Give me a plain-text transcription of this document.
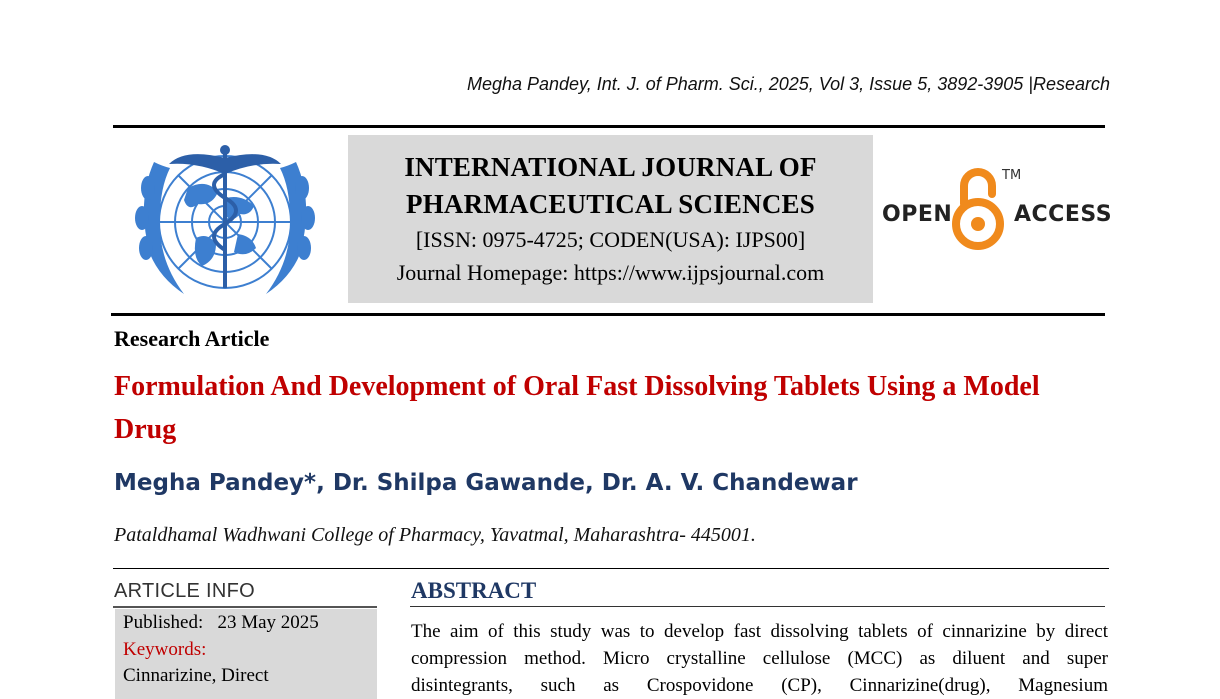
Megha Pandey, Int. J. of Pharm. Sci., 2025, Vol 3, Issue 5, 3892-3905 |Research
INTERNATIONAL JOURNAL OF
PHARMACEUTICAL SCIENCES
[ISSN: 0975-4725; CODEN(USA): IJPS00]
Journal Homepage: https://www.ijpsjournal.com
OPEN
TM
ACCESS
Research Article
Formulation And Development of Oral Fast Dissolving Tablets Using a Model Drug
Megha Pandey*, Dr. Shilpa Gawande, Dr. A. V. Chandewar
Pataldhamal Wadhwani College of Pharmacy, Yavatmal, Maharashtra- 445001.
ARTICLE INFO
Published: 23 May 2025
Keywords:
Cinnarizine, Direct
ABSTRACT
The aim of this study was to develop fast dissolving tablets of cinnarizine by direct
compression method. Micro crystalline cellulose (MCC) as diluent and super
disintegrants, such as Crospovidone (CP), Cinnarizine(drug), Magnesium
